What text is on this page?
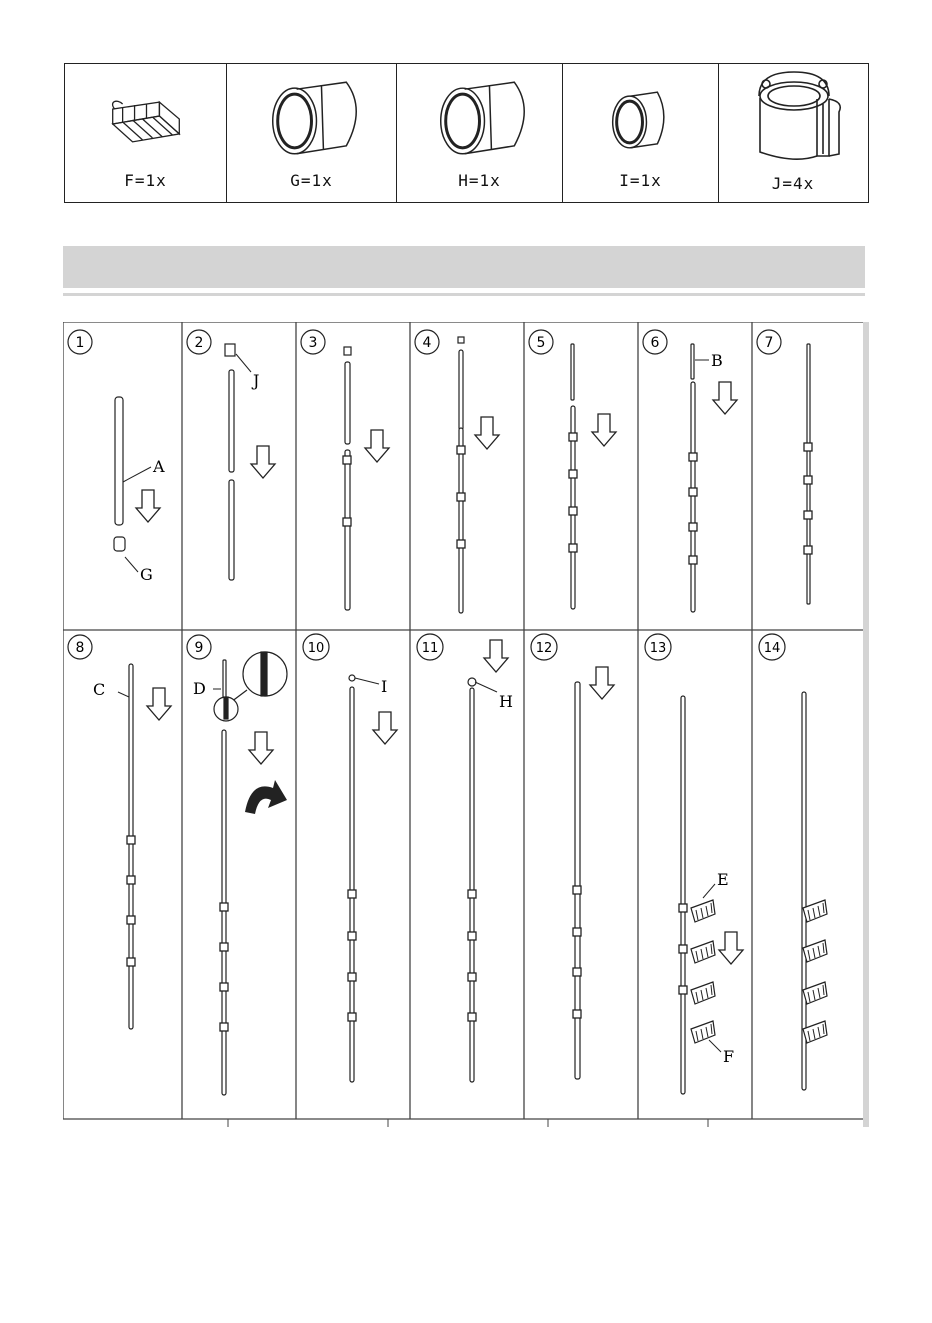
F=1x	G=1x	H=1x	I=1x	J=4x
1	2	3	4	5	6	7
8	9	10	11	12	13	14
A
G
J
B
C	D	I
H
E
F
